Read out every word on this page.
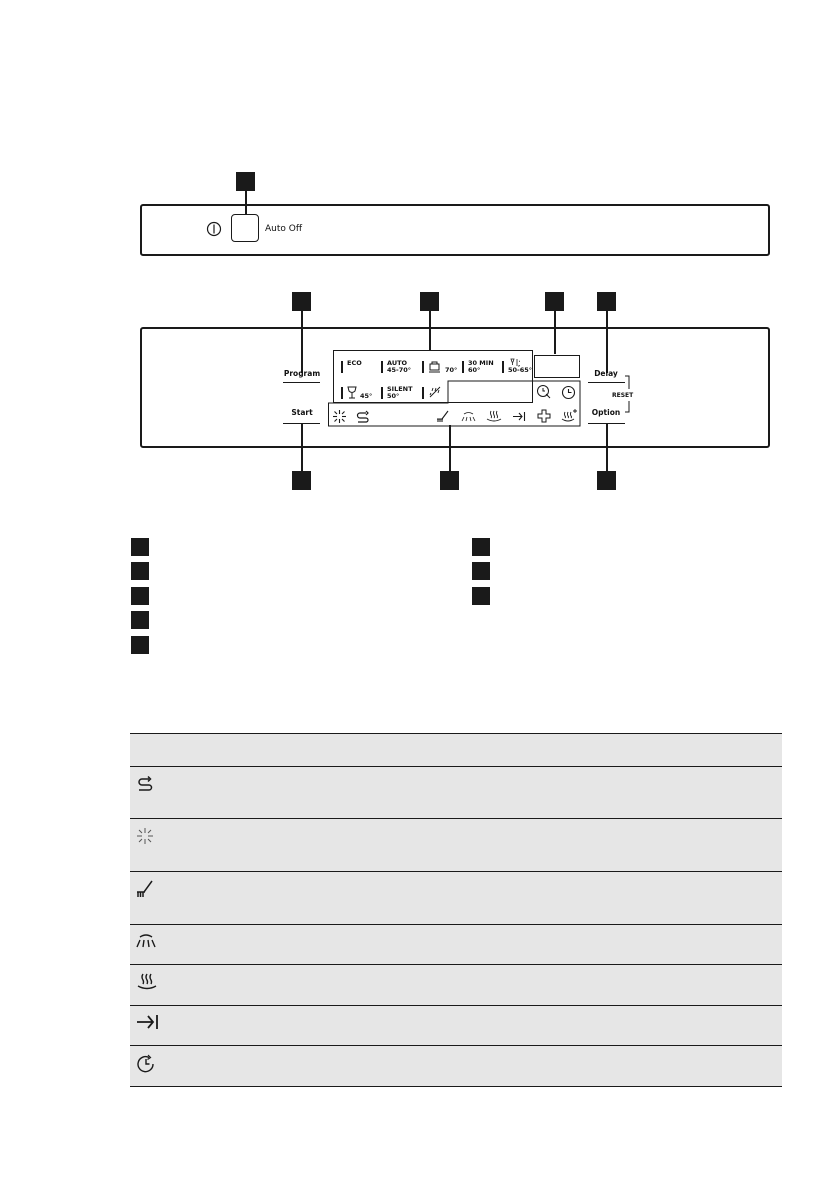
Auto Off
Program
Start
Delay
Option
RESET
ECO	AUTO
45-70°	70°
30 MIN
60°	50-65°
45°
SILENT
50°
